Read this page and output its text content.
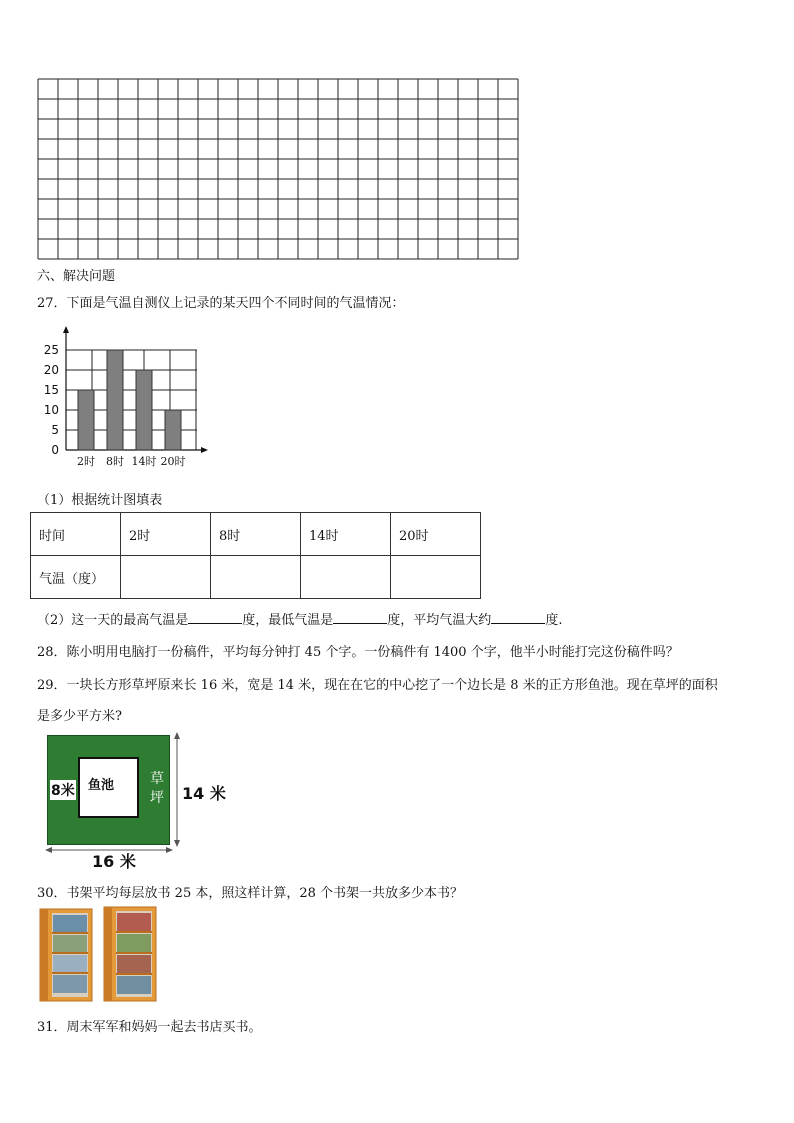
六、解决问题
27．下面是气温自测仪上记录的某天四个不同时间的气温情况：
0
5
10
15
20
25
2时 8时 14时 20时
（1）根据统计图填表
时间	2时	8时	14时	20时
气温（度）				
（2）这一天的最高气温是	度，最低气温是	度，平均气温大约	度.
28．陈小明用电脑打一份稿件，平均每分钟打 45 个字。一份稿件有 1400 个字，他半小时能打完这份稿件吗？
29．一块长方形草坪原来长 16 米，宽是 14 米，现在在它的中心挖了一个边长是 8 米的正方形鱼池。现在草坪的面积
是多少平方米?
鱼池	草
坪
8米	14 米
16 米
30．书架平均每层放书 25 本，照这样计算，28 个书架一共放多少本书？
31．周末军军和妈妈一起去书店买书。
